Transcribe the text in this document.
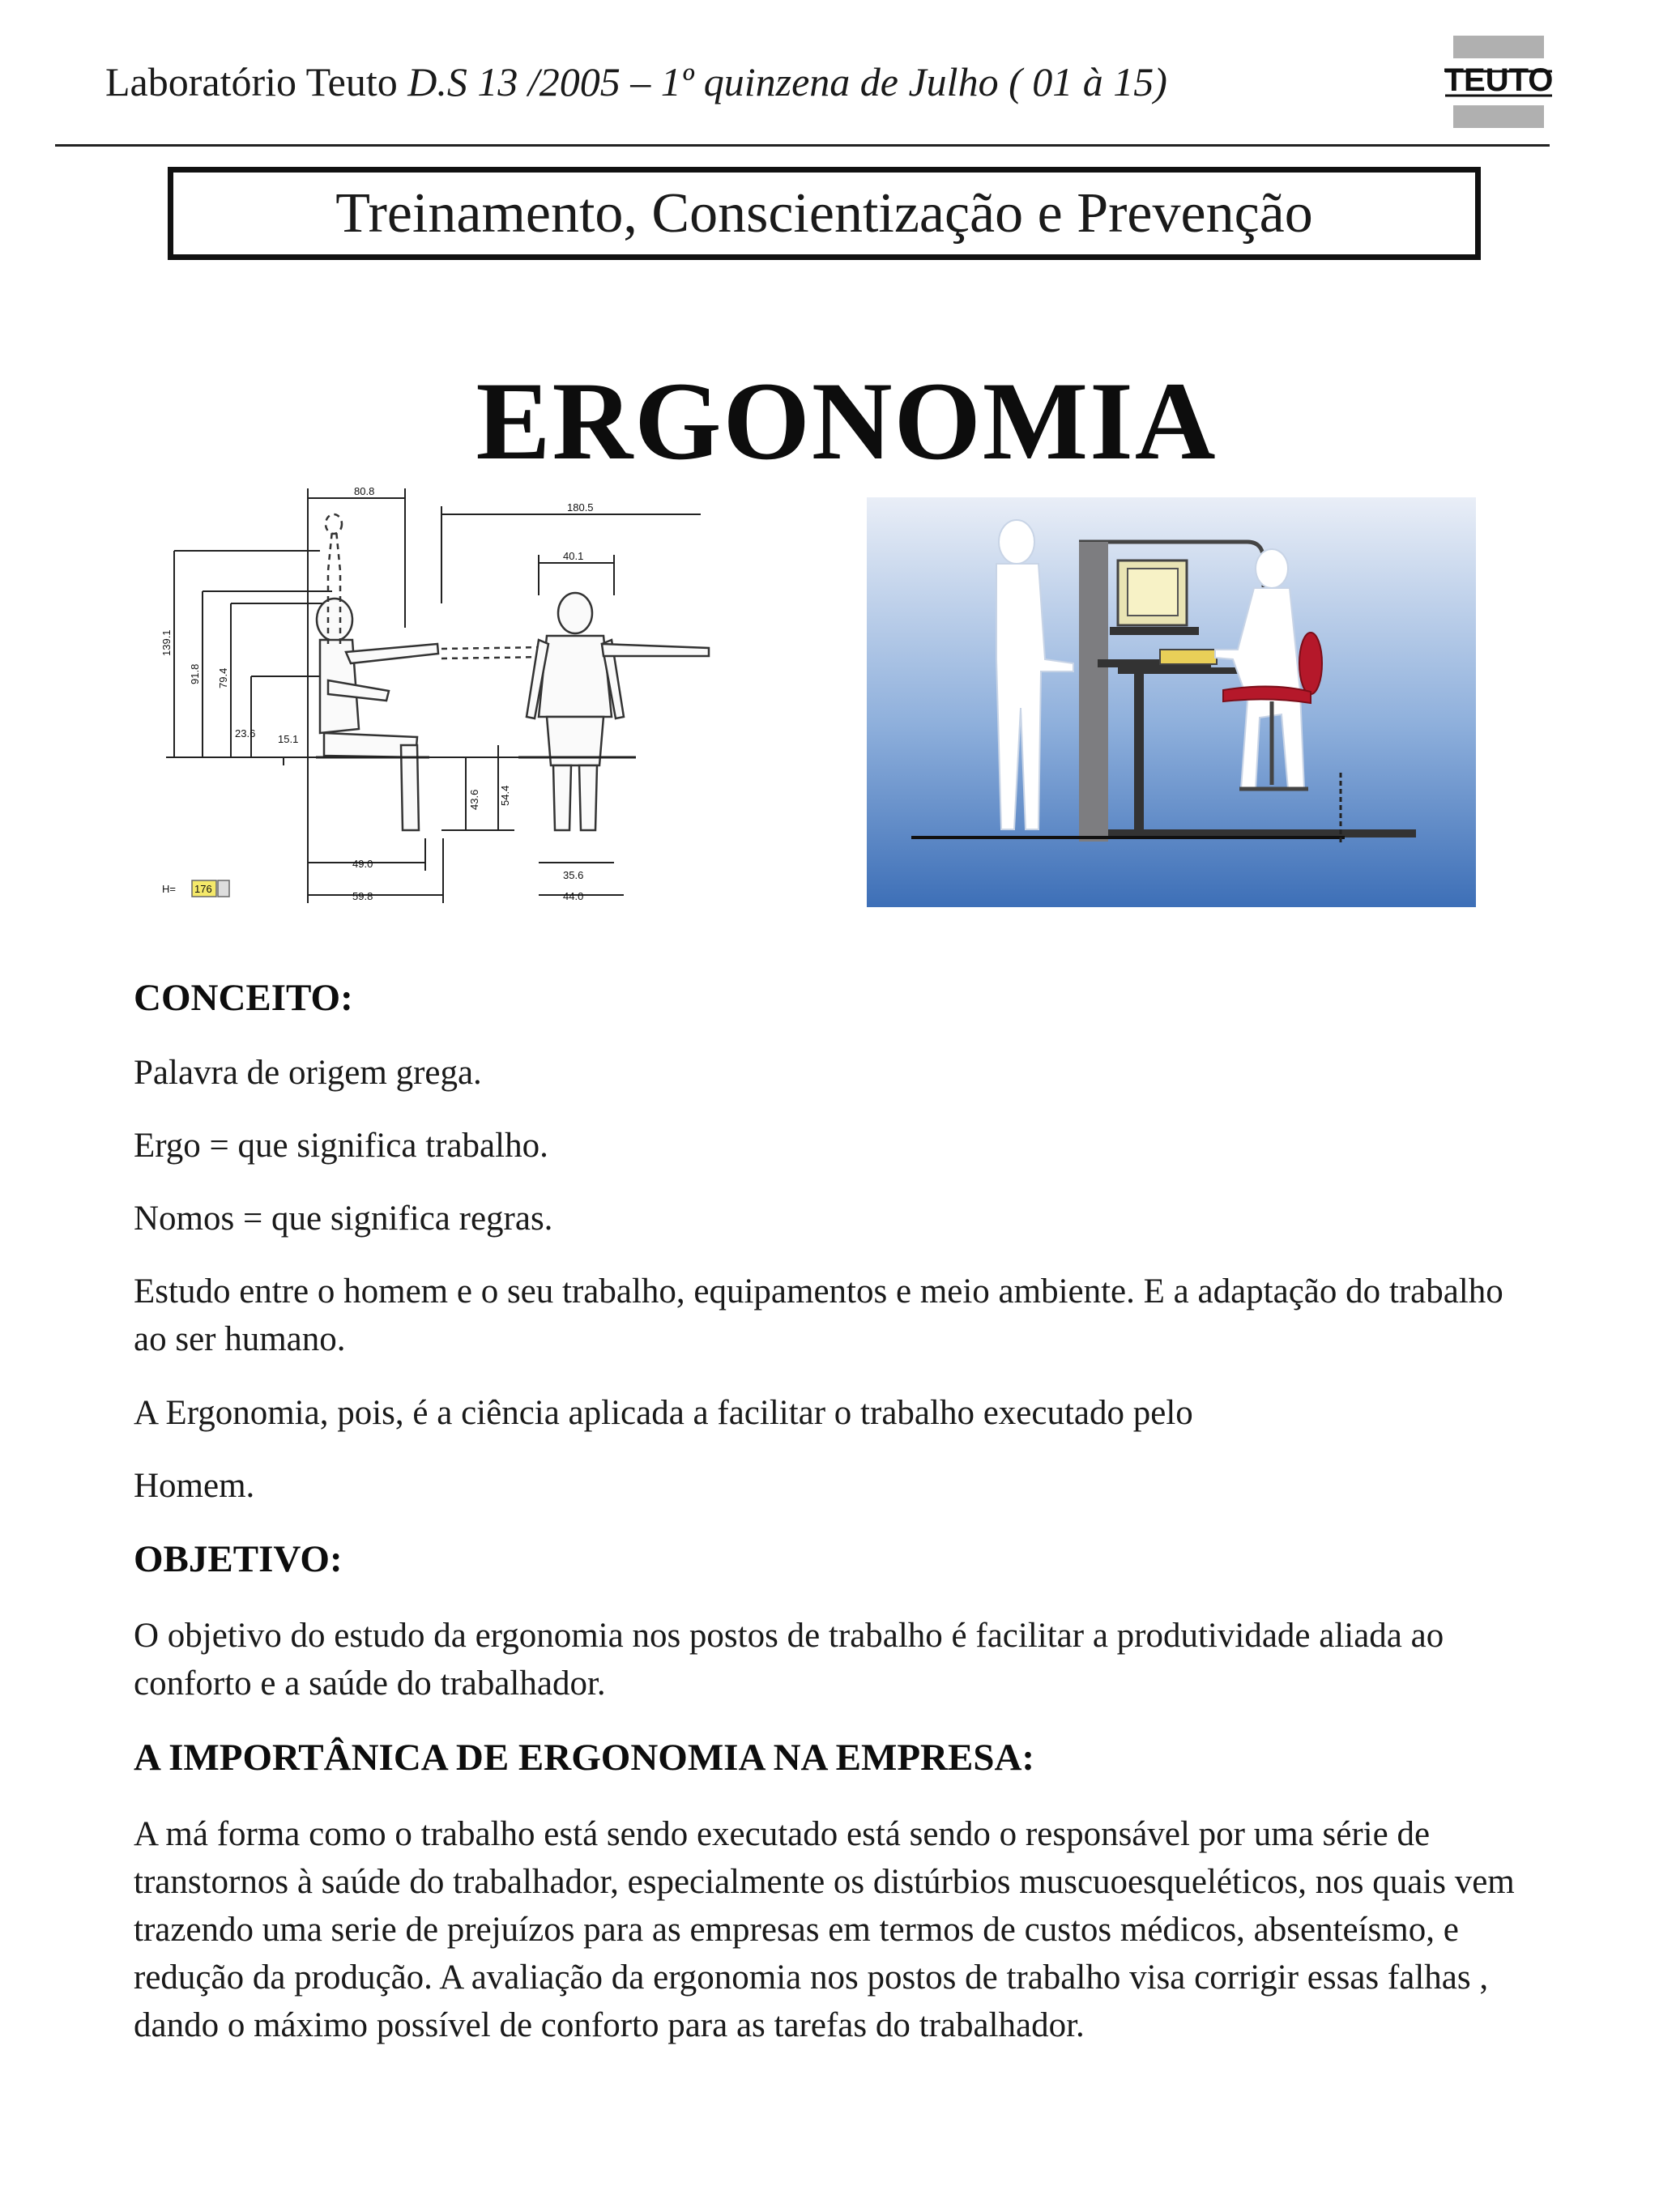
Laboratório Teuto D.S 13 /2005 – 1º quinzena de Julho ( 01 à 15)	TEUTO
Treinamento, Conscientização e Prevenção
ERGONOMIA
80.8
180.5
40.1
139.1
91.8 79.4
23.6 15.1
43.6 54.4
49.0
59.8
35.6
44.0
H= 176
CONCEITO:
Palavra de origem grega.
Ergo = que significa trabalho.
Nomos = que significa regras.
Estudo entre o homem e o seu trabalho, equipamentos e meio ambiente. E a adaptação do trabalho ao ser humano.
A Ergonomia, pois, é a ciência aplicada a facilitar o trabalho executado pelo
Homem.
OBJETIVO:
O objetivo do estudo da ergonomia nos postos de trabalho é facilitar a produtividade aliada ao conforto e a saúde do trabalhador.
A IMPORTÂNICA DE ERGONOMIA NA EMPRESA:
A má forma como o trabalho está sendo executado está sendo o responsável por uma série de transtornos à saúde do trabalhador, especialmente os distúrbios muscuoesqueléticos, nos quais vem trazendo uma serie de prejuízos para as empresas em termos de custos médicos, absenteísmo, e redução da produção. A avaliação da ergonomia nos postos de trabalho visa corrigir essas falhas , dando o máximo possível de conforto para as tarefas do trabalhador.
